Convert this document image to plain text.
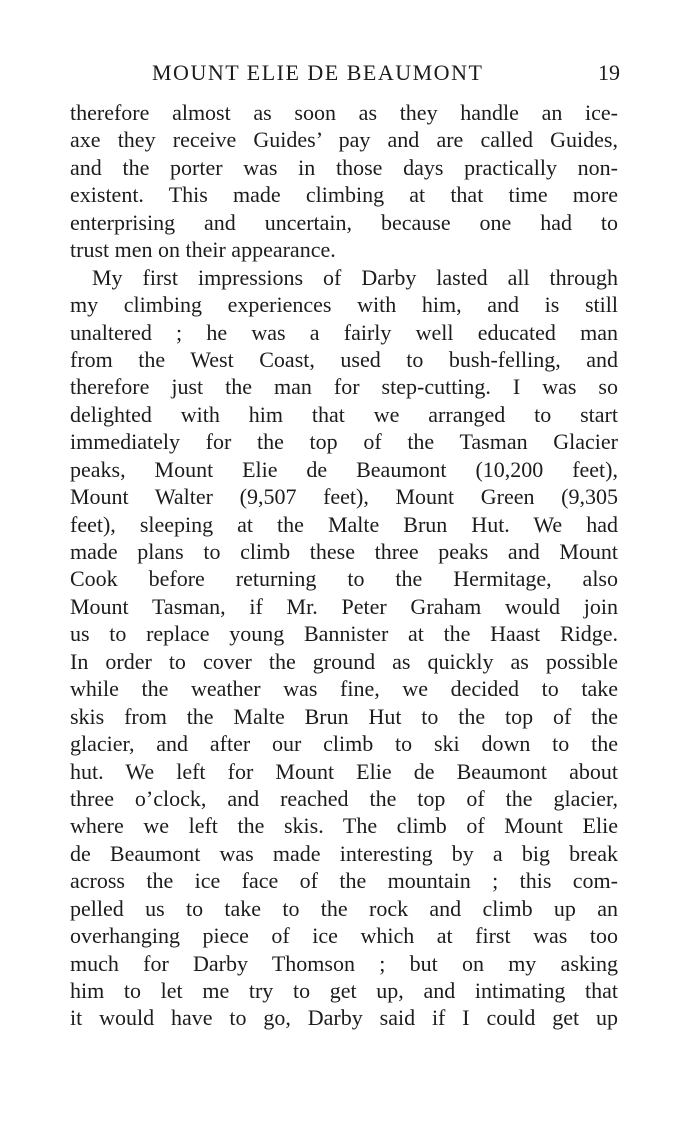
MOUNT ELIE DE BEAUMONT	19
therefore almost as soon as they handle an ice-
axe they receive Guides’ pay and are called Guides,
and the porter was in those days practically non-
existent. This made climbing at that time more
enterprising and uncertain, because one had to
trust men on their appearance.
My first impressions of Darby lasted all through
my climbing experiences with him, and is still
unaltered ; he was a fairly well educated man
from the West Coast, used to bush-felling, and
therefore just the man for step-cutting. I was so
delighted with him that we arranged to start
immediately for the top of the Tasman Glacier
peaks, Mount Elie de Beaumont (10,200 feet),
Mount Walter (9,507 feet), Mount Green (9,305
feet), sleeping at the Malte Brun Hut. We had
made plans to climb these three peaks and Mount
Cook before returning to the Hermitage, also
Mount Tasman, if Mr. Peter Graham would join
us to replace young Bannister at the Haast Ridge.
In order to cover the ground as quickly as possible
while the weather was fine, we decided to take
skis from the Malte Brun Hut to the top of the
glacier, and after our climb to ski down to the
hut. We left for Mount Elie de Beaumont about
three o’clock, and reached the top of the glacier,
where we left the skis. The climb of Mount Elie
de Beaumont was made interesting by a big break
across the ice face of the mountain ; this com-
pelled us to take to the rock and climb up an
overhanging piece of ice which at first was too
much for Darby Thomson ; but on my asking
him to let me try to get up, and intimating that
it would have to go, Darby said if I could get up
